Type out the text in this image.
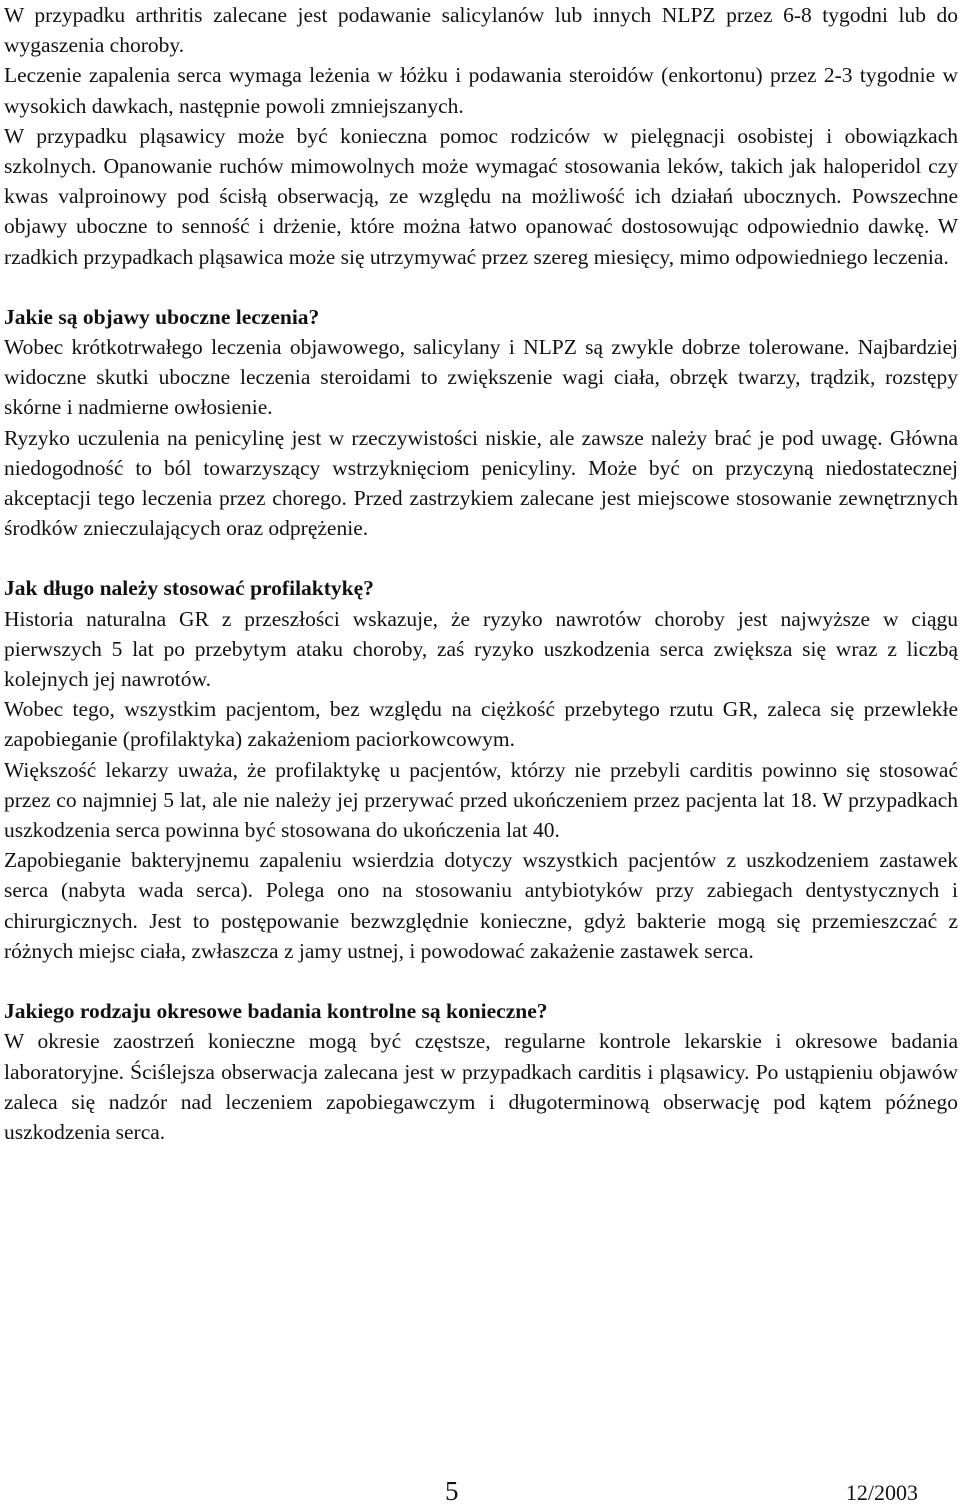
W przypadku arthritis zalecane jest podawanie salicylanów lub innych NLPZ przez 6-8 tygodni lub do wygaszenia choroby.

Leczenie zapalenia serca wymaga leżenia w łóżku i podawania steroidów (enkortonu) przez 2-3 tygodnie w wysokich dawkach, następnie powoli zmniejszanych.

W przypadku pląsawicy może być konieczna pomoc rodziców w pielęgnacji osobistej i obowiązkach szkolnych. Opanowanie ruchów mimowolnych może wymagać stosowania leków, takich jak haloperidol czy kwas valproinowy pod ścisłą obserwacją, ze względu na możliwość ich działań ubocznych. Powszechne objawy uboczne to senność i drżenie, które można łatwo opanować dostosowując odpowiednio dawkę. W rzadkich przypadkach pląsawica może się utrzymywać przez szereg miesięcy, mimo odpowiedniego leczenia.

Jakie są objawy uboczne leczenia?

Wobec krótkotrwałego leczenia objawowego, salicylany i NLPZ są zwykle dobrze tolerowane. Najbardziej widoczne skutki uboczne leczenia steroidami to zwiększenie wagi ciała, obrzęk twarzy, trądzik, rozstępy skórne i nadmierne owłosienie.

Ryzyko uczulenia na penicylinę jest w rzeczywistości niskie, ale zawsze należy brać je pod uwagę. Główna niedogodność to ból towarzyszący wstrzyknięciom penicyliny. Może być on przyczyną niedostatecznej akceptacji tego leczenia przez chorego. Przed zastrzykiem zalecane jest miejscowe stosowanie zewnętrznych środków znieczulających oraz odprężenie.

Jak długo należy stosować profilaktykę?

Historia naturalna GR z przeszłości wskazuje, że ryzyko nawrotów choroby jest najwyższe w ciągu pierwszych 5 lat po przebytym ataku choroby, zaś ryzyko uszkodzenia serca zwiększa się wraz z liczbą kolejnych jej nawrotów.

Wobec tego, wszystkim pacjentom, bez względu na ciężkość przebytego rzutu GR, zaleca się przewlekłe zapobieganie (profilaktyka) zakażeniom paciorkowcowym.

Większość lekarzy uważa, że profilaktykę u pacjentów, którzy nie przebyli carditis powinno się stosować przez co najmniej 5 lat, ale nie należy jej przerywać przed ukończeniem przez pacjenta lat 18. W przypadkach uszkodzenia serca powinna być stosowana do ukończenia lat 40.

Zapobieganie bakteryjnemu zapaleniu wsierdzia dotyczy wszystkich pacjentów z uszkodzeniem zastawek serca (nabyta wada serca). Polega ono na stosowaniu antybiotyków przy zabiegach dentystycznych i chirurgicznych. Jest to postępowanie bezwzględnie konieczne, gdyż bakterie mogą się przemieszczać z różnych miejsc ciała, zwłaszcza z jamy ustnej, i powodować zakażenie zastawek serca.

Jakiego rodzaju okresowe badania kontrolne są konieczne?

W okresie zaostrzeń konieczne mogą być częstsze, regularne kontrole lekarskie i okresowe badania laboratoryjne. Ściślejsza obserwacja zalecana jest w przypadkach carditis i pląsawicy. Po ustąpieniu objawów zaleca się nadzór nad leczeniem zapobiegawczym i długoterminową obserwację pod kątem późnego uszkodzenia serca.

5	12/2003
